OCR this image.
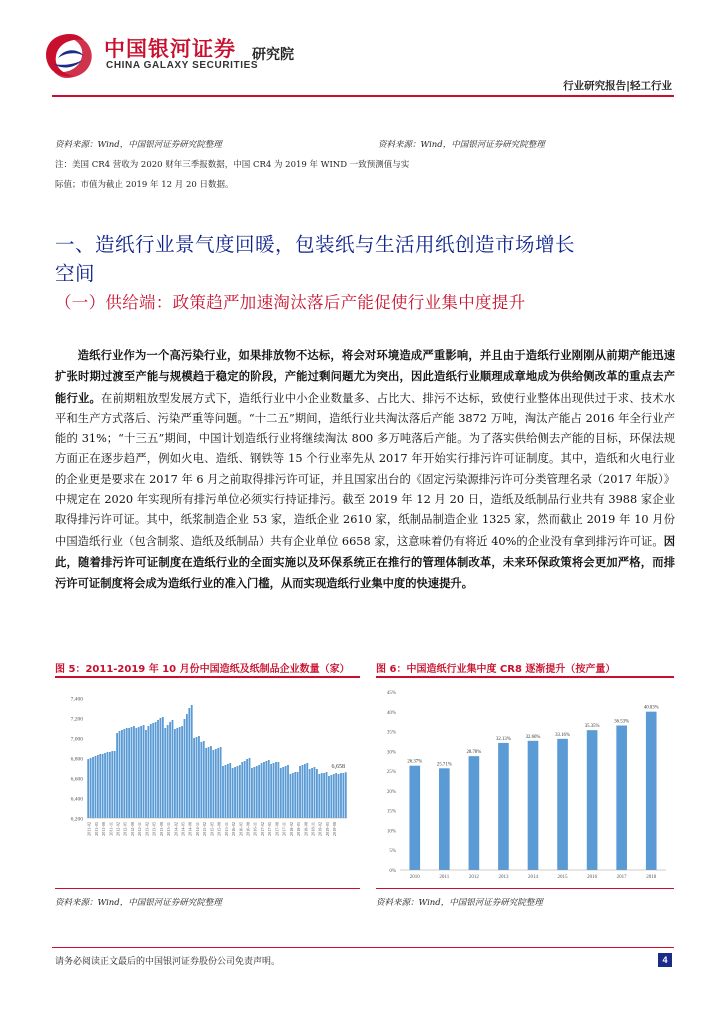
中国银河证券
CHINA GALAXY SECURITIES
研究院
行业研究报告|轻工行业
资料来源：Wind，中国银河证券研究院整理	资料来源：Wind，中国银河证券研究院整理
注：美国 CR4 营收为 2020 财年三季报数据，中国 CR4 为 2019 年 WIND 一致预测值与实际值；市值为截止 2019 年 12 月 20 日数据。
一、造纸行业景气度回暖，包装纸与生活用纸创造市场增长空间
（一）供给端：政策趋严加速淘汰落后产能促使行业集中度提升

造纸行业作为一个高污染行业，如果排放物不达标，将会对环境造成严重影响，并且由于造纸行业刚刚从前期产能迅速扩张时期过渡至产能与规模趋于稳定的阶段，产能过剩问题尤为突出，因此造纸行业顺理成章地成为供给侧改革的重点去产能行业。在前期粗放型发展方式下，造纸行业中小企业数量多、占比大、排污不达标，致使行业整体出现供过于求、技术水平和生产方式落后、污染严重等问题。“十二五”期间，造纸行业共淘汰落后产能 3872 万吨，淘汰产能占 2016 年全行业产能的 31%；“十三五”期间，中国计划造纸行业将继续淘汰 800 多万吨落后产能。为了落实供给侧去产能的目标，环保法规方面正在逐步趋严，例如火电、造纸、钢铁等 15 个行业率先从 2017 年开始实行排污许可证制度。其中，造纸和火电行业的企业更是要求在 2017 年 6 月之前取得排污许可证，并且国家出台的《固定污染源排污许可分类管理名录（2017 年版）》中规定在 2020 年实现所有排污单位必须实行持证排污。截至 2019 年 12 月 20 日，造纸及纸制品行业共有 3988 家企业取得排污许可证。其中，纸浆制造企业 53 家，造纸企业 2610 家，纸制品制造企业 1325 家，然而截止 2019 年 10 月份中国造纸行业（包含制浆、造纸及纸制品）共有企业单位 6658 家，这意味着仍有将近 40%的企业没有拿到排污许可证。因此，随着排污许可证制度在造纸行业的全面实施以及环保系统正在推行的管理体制改革，未来环保政策将会更加严格，而排污许可证制度将会成为造纸行业的准入门槛，从而实现造纸行业集中度的快速提升。

图 5：2011-2019 年 10 月份中国造纸及纸制品企业数量（家）
6,200
6,400
6,600
6,800
7,000
7,200
7,400
2011-02 2011-05 2011-08 2011-11 2012-02 2012-05 2012-08 2012-11 2013-02 2013-05 2013-08 2013-11 2014-02 2014-05 2014-08 2014-11 2015-02 2015-05 2015-08 2015-11 2016-02 2016-05 2016-08 2016-11 2017-02 2017-05 2017-08 2017-11 2018-02 2018-05 2018-08 2018-11 2019-02 2019-05 2019-08
6,658
资料来源：Wind，中国银河证券研究院整理
图 6：中国造纸行业集中度 CR8 逐渐提升（按产量）
0%
5%
10%
15%
20%
25%
30%
35%
40%
45%
26.37%
2010
25.71%
2011
28.78%
2012
32.13%
2013
32.66%
2014
33.16%
2015
35.35%
2016
36.53%
2017
40.03%
2018
资料来源：Wind，中国银河证券研究院整理
请务必阅读正文最后的中国银河证券股份公司免责声明。	4
